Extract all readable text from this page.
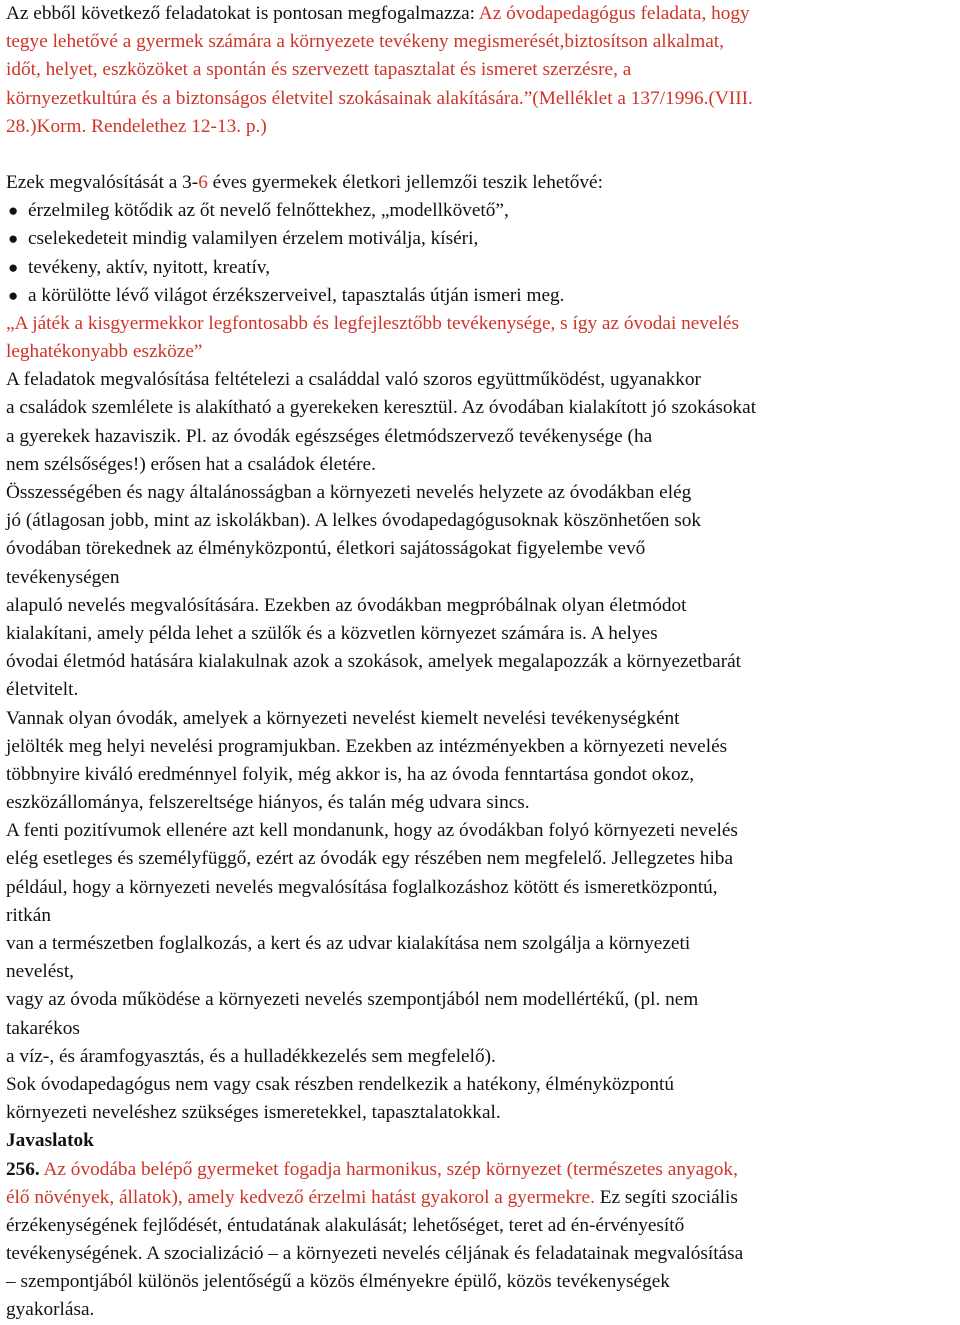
Az ebből következő feladatokat is pontosan megfogalmazza: Az óvodapedagógus feladata, hogy
tegye lehetővé a gyermek számára a környezete tevékeny megismerését,biztosítson alkalmat,
időt, helyet, eszközöket a spontán és szervezett tapasztalat és ismeret szerzésre, a
környezetkultúra és a biztonságos életvitel szokásainak alakítására.”(Melléklet a 137/1996.(VIII.
28.)Korm. Rendelethez 12-13. p.)
Ezek megvalósítását a 3-6 éves gyermekek életkori jellemzői teszik lehetővé:
● érzelmileg kötődik az őt nevelő felnőttekhez, „modellkövető”,
● cselekedeteit mindig valamilyen érzelem motiválja, kíséri,
● tevékeny, aktív, nyitott, kreatív,
● a körülötte lévő világot érzékszerveivel, tapasztalás útján ismeri meg.
„A játék a kisgyermekkor legfontosabb és legfejlesztőbb tevékenysége, s így az óvodai nevelés
leghatékonyabb eszköze”
A feladatok megvalósítása feltételezi a családdal való szoros együttműködést, ugyanakkor
a családok szemlélete is alakítható a gyerekeken keresztül. Az óvodában kialakított jó szokásokat
a gyerekek hazaviszik. Pl. az óvodák egészséges életmódszervező tevékenysége (ha
nem szélsőséges!) erősen hat a családok életére.
Összességében és nagy általánosságban a környezeti nevelés helyzete az óvodákban elég
jó (átlagosan jobb, mint az iskolákban). A lelkes óvodapedagógusoknak köszönhetően sok
óvodában törekednek az élményközpontú, életkori sajátosságokat figyelembe vevő
tevékenységen
alapuló nevelés megvalósítására. Ezekben az óvodákban megpróbálnak olyan életmódot
kialakítani, amely példa lehet a szülők és a közvetlen környezet számára is. A helyes
óvodai életmód hatására kialakulnak azok a szokások, amelyek megalapozzák a környezetbarát
életvitelt.
Vannak olyan óvodák, amelyek a környezeti nevelést kiemelt nevelési tevékenységként
jelölték meg helyi nevelési programjukban. Ezekben az intézményekben a környezeti nevelés
többnyire kiváló eredménnyel folyik, még akkor is, ha az óvoda fenntartása gondot okoz,
eszközállománya, felszereltsége hiányos, és talán még udvara sincs.
A fenti pozitívumok ellenére azt kell mondanunk, hogy az óvodákban folyó környezeti nevelés
elég esetleges és személyfüggő, ezért az óvodák egy részében nem megfelelő. Jellegzetes hiba
például, hogy a környezeti nevelés megvalósítása foglalkozáshoz kötött és ismeretközpontú,
ritkán
van a természetben foglalkozás, a kert és az udvar kialakítása nem szolgálja a környezeti
nevelést,
vagy az óvoda működése a környezeti nevelés szempontjából nem modellértékű, (pl. nem
takarékos
a víz-, és áramfogyasztás, és a hulladékkezelés sem megfelelő).
Sok óvodapedagógus nem vagy csak részben rendelkezik a hatékony, élményközpontú
környezeti neveléshez szükséges ismeretekkel, tapasztalatokkal.
Javaslatok
256. Az óvodába belépő gyermeket fogadja harmonikus, szép környezet (természetes anyagok,
élő növények, állatok), amely kedvező érzelmi hatást gyakorol a gyermekre. Ez segíti szociális
érzékenységének fejlődését, éntudatának alakulását; lehetőséget, teret ad én-érvényesítő
tevékenységének. A szocializáció – a környezeti nevelés céljának és feladatainak megvalósítása
– szempontjából különös jelentőségű a közös élményekre épülő, közös tevékenységek
gyakorlása.
